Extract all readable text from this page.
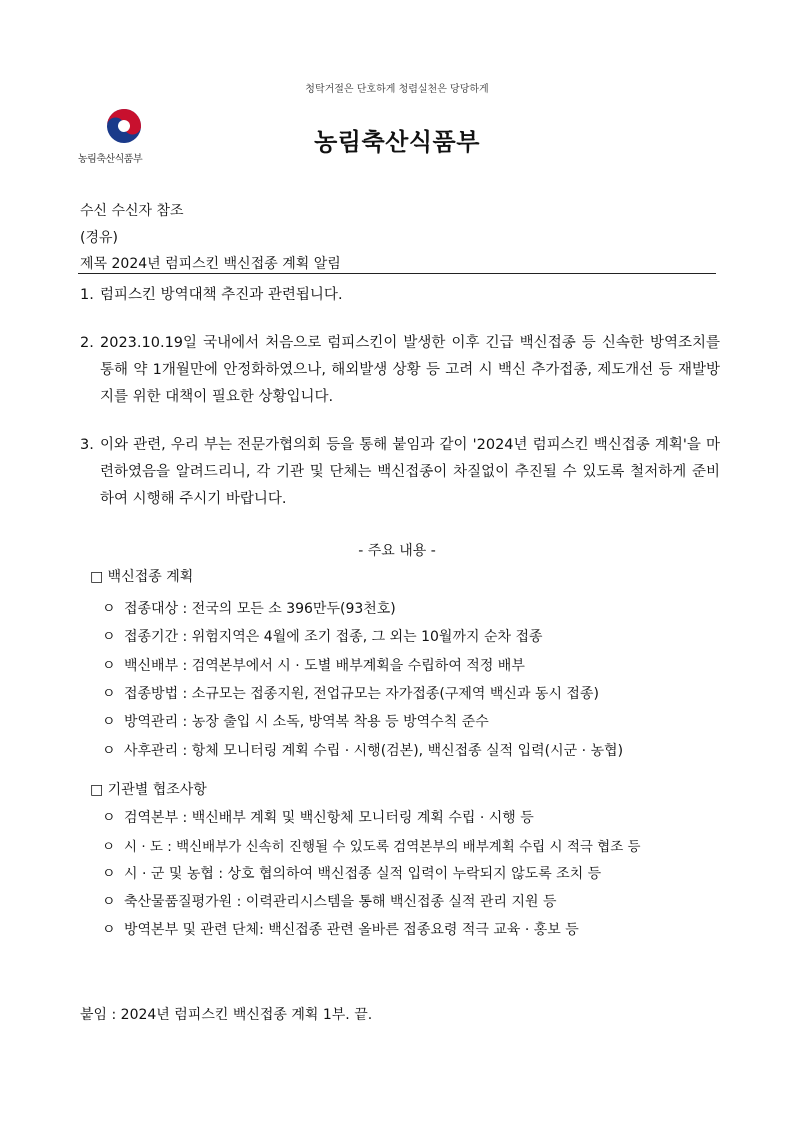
청탁거절은 단호하게 청렴실천은 당당하게
농림축산식품부
농림축산식품부
수신 수신자 참조
(경유)
제목 2024년 럼피스킨 백신접종 계획 알림
1. 럼피스킨 방역대책 추진과 관련됩니다.
2. 2023.10.19일 국내에서 처음으로 럼피스킨이 발생한 이후 긴급 백신접종 등 신속한 방역조치를 통해 약 1개월만에 안정화하였으나, 해외발생 상황 등 고려 시 백신 추가접종, 제도개선 등 재발방지를 위한 대책이 필요한 상황입니다.
3. 이와 관련, 우리 부는 전문가협의회 등을 통해 붙임과 같이 '2024년 럼피스킨 백신접종 계획'을 마련하였음을 알려드리니, 각 기관 및 단체는 백신접종이 차질없이 추진될 수 있도록 철저하게 준비하여 시행해 주시기 바랍니다.
- 주요 내용 -
□ 백신접종 계획
ㅇ 접종대상 : 전국의 모든 소 396만두(93천호)
ㅇ 접종기간 : 위험지역은 4월에 조기 접종, 그 외는 10월까지 순차 접종
ㅇ 백신배부 : 검역본부에서 시 · 도별 배부계획을 수립하여 적정 배부
ㅇ 접종방법 : 소규모는 접종지원, 전업규모는 자가접종(구제역 백신과 동시 접종)
ㅇ 방역관리 : 농장 출입 시 소독, 방역복 착용 등 방역수칙 준수
ㅇ 사후관리 : 항체 모니터링 계획 수립 · 시행(검본), 백신접종 실적 입력(시군 · 농협)
□ 기관별 협조사항
ㅇ 검역본부 : 백신배부 계획 및 백신항체 모니터링 계획 수립 · 시행 등
ㅇ 시 · 도 : 백신배부가 신속히 진행될 수 있도록 검역본부의 배부계획 수립 시 적극 협조 등
ㅇ 시 · 군 및 농협 : 상호 협의하여 백신접종 실적 입력이 누락되지 않도록 조치 등
ㅇ 축산물품질평가원 : 이력관리시스템을 통해 백신접종 실적 관리 지원 등
ㅇ 방역본부 및 관련 단체: 백신접종 관련 올바른 접종요령 적극 교육 · 홍보 등
붙임 : 2024년 럼피스킨 백신접종 계획 1부. 끝.
